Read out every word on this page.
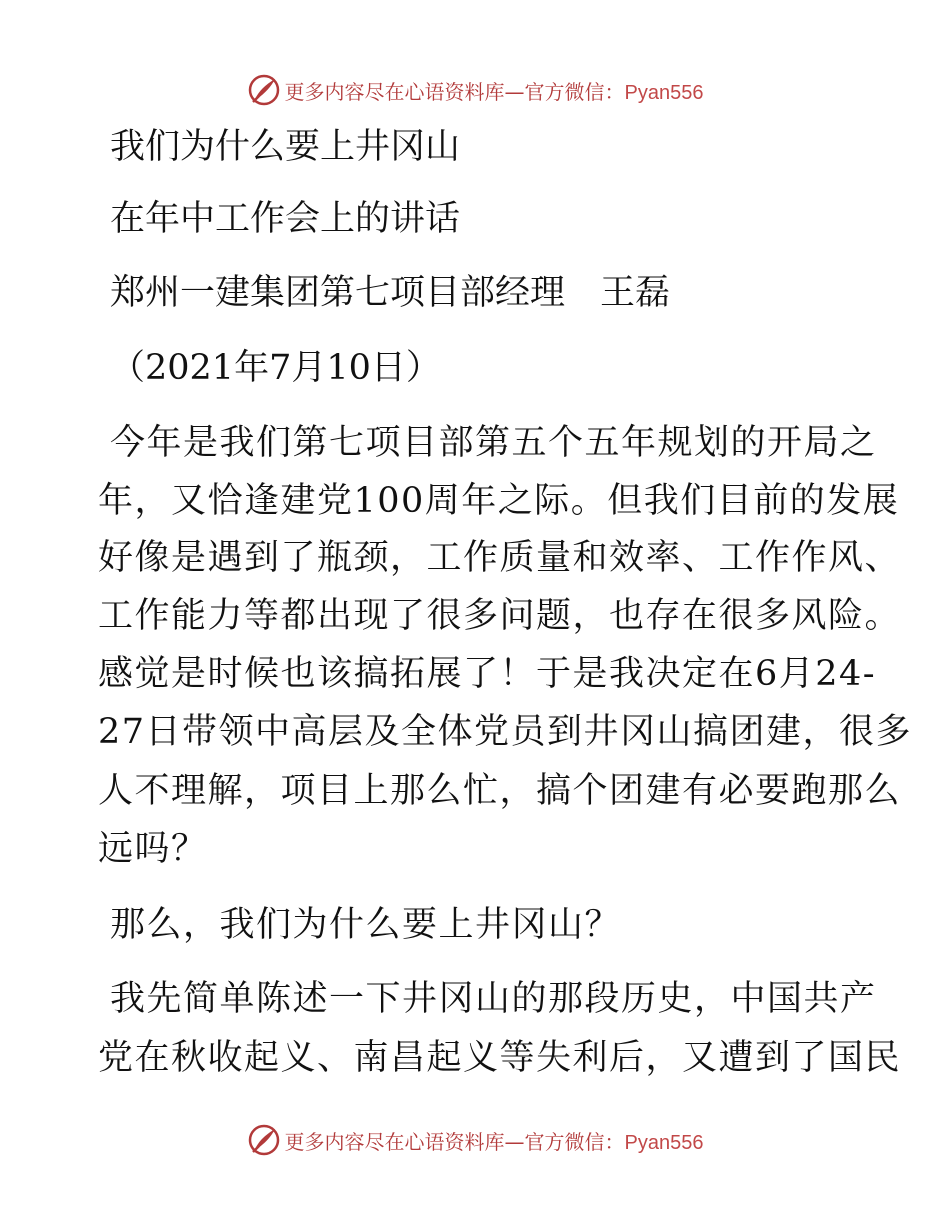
更多内容尽在心语资料库—官方微信：Pyan556
我们为什么要上井冈山
在年中工作会上的讲话
郑州一建集团第七项目部经理　王磊
（2021年7月10日）
今年是我们第七项目部第五个五年规划的开局之
年，又恰逢建党100周年之际。但我们目前的发展
好像是遇到了瓶颈，工作质量和效率、工作作风、
工作能力等都出现了很多问题，也存在很多风险。
感觉是时候也该搞拓展了！于是我决定在6月24-
27日带领中高层及全体党员到井冈山搞团建，很多
人不理解，项目上那么忙，搞个团建有必要跑那么
远吗？
那么，我们为什么要上井冈山？
我先简单陈述一下井冈山的那段历史，中国共产
党在秋收起义、南昌起义等失利后，又遭到了国民
更多内容尽在心语资料库—官方微信：Pyan556
